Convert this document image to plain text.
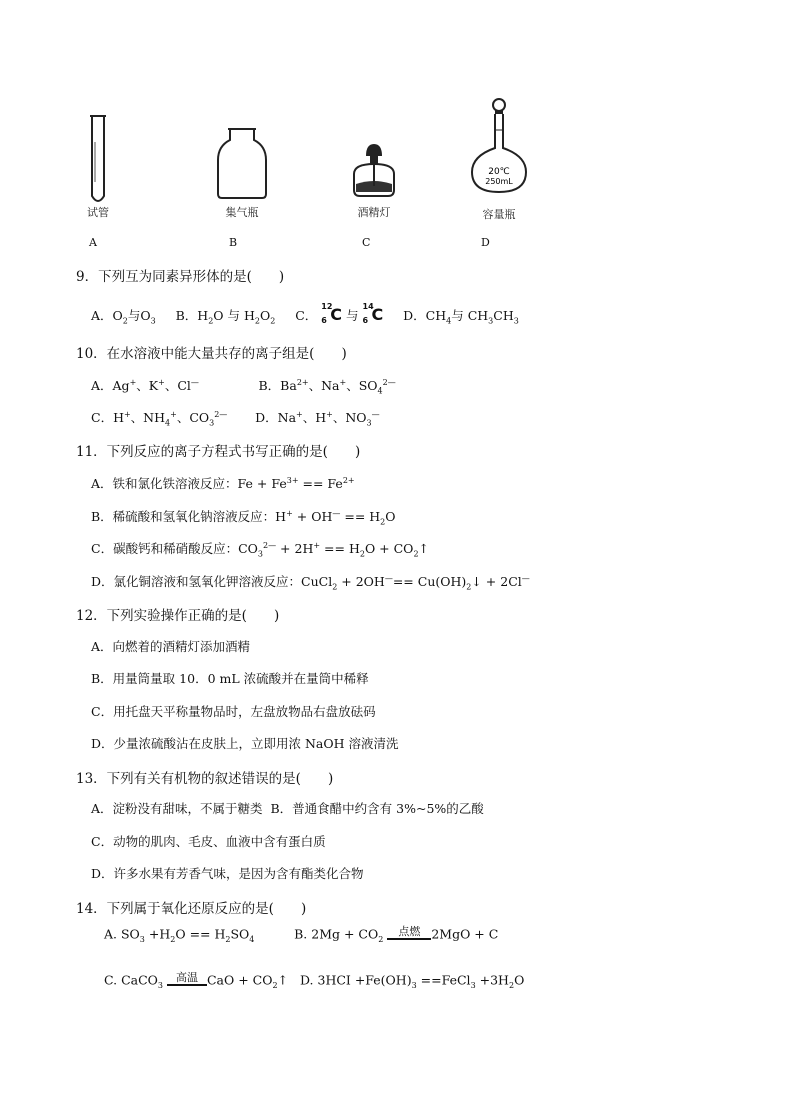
试管
A
集气瓶
B
酒精灯
C
20℃
250mL
容量瓶
D
9．下列互为同素异形体的是(　　)
A．$O_2$与$O_3$ B．$H_2O$ 与 $H_2O_2$ C．
12
6 C 与
14
6 C D．$CH_4$与 $CH_3CH_3$
10．在水溶液中能大量共存的离子组是(　　)
A．Ag+、K+、Cl—               B．$Ba^{2+}$、Na+、$SO_4^{2—}$
C．H+、$NH_4^+$、$CO_3^{2—}$       D．Na+、H+、$NO_3^—$
11．下列反应的离子方程式书写正确的是(　　)
A．铁和氯化铁溶液反应：$Fe + Fe^{3+} == Fe^{2+}$
B．稀硫酸和氢氧化钠溶液反应：$H^+ + OH^— == H_2O$
C．碳酸钙和稀硝酸反应：$CO_3^{2—} + 2H^+ == H_2O$ + $CO_2↑$
D．氯化铜溶液和氢氧化钾溶液反应：CuCl$_2$ + $2OH^—== Cu(OH)_2↓ + 2Cl^—$
12．下列实验操作正确的是(　　)
A．向燃着的酒精灯添加酒精
B．用量筒量取 10．0 mL 浓硫酸并在量筒中稀释
C．用托盘天平称量物品时，左盘放物品右盘放砝码
D．少量浓硫酸沾在皮肤上，立即用浓 NaOH 溶液清洗
13．下列有关有机物的叙述错误的是(　　)
A．淀粉没有甜味，不属于糖类 B．普通食醋中约含有 3%~5%的乙酸
C．动物的肌肉、毛皮、血液中含有蛋白质
D．许多水果有芳香气味，是因为含有酯类化合物
14．下列属于氧化还原反应的是(　　)
A. $SO_3 +H_2O == H_2SO_4$          B. $2Mg + CO_2$
点燃 2MgO + C
C. CaCO$_3$
高温 CaO + $CO_2↑$   D. $3HCI +Fe(OH)_3$ ==FeCl$_3$ $+3H_2O$
